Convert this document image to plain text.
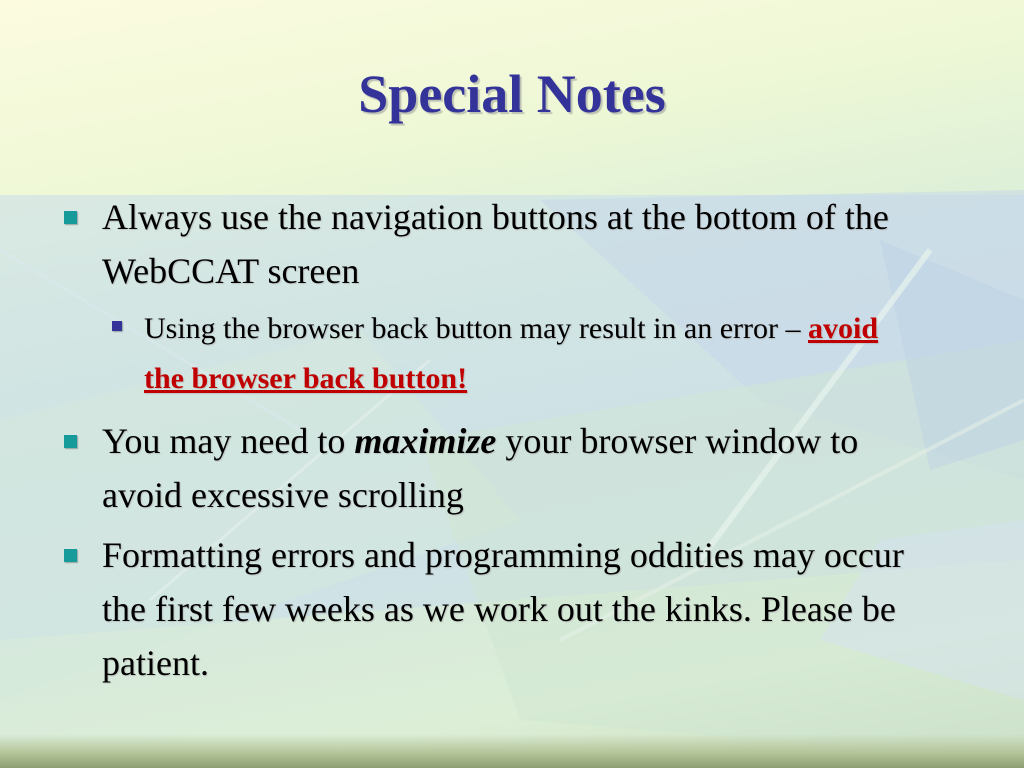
Special Notes
Always use the navigation buttons at the bottom of the WebCCAT screen
Using the browser back button may result in an error – avoid the browser back button!
You may need to maximize your browser window to avoid excessive scrolling
Formatting errors and programming oddities may occur the first few weeks as we work out the kinks. Please be patient.
